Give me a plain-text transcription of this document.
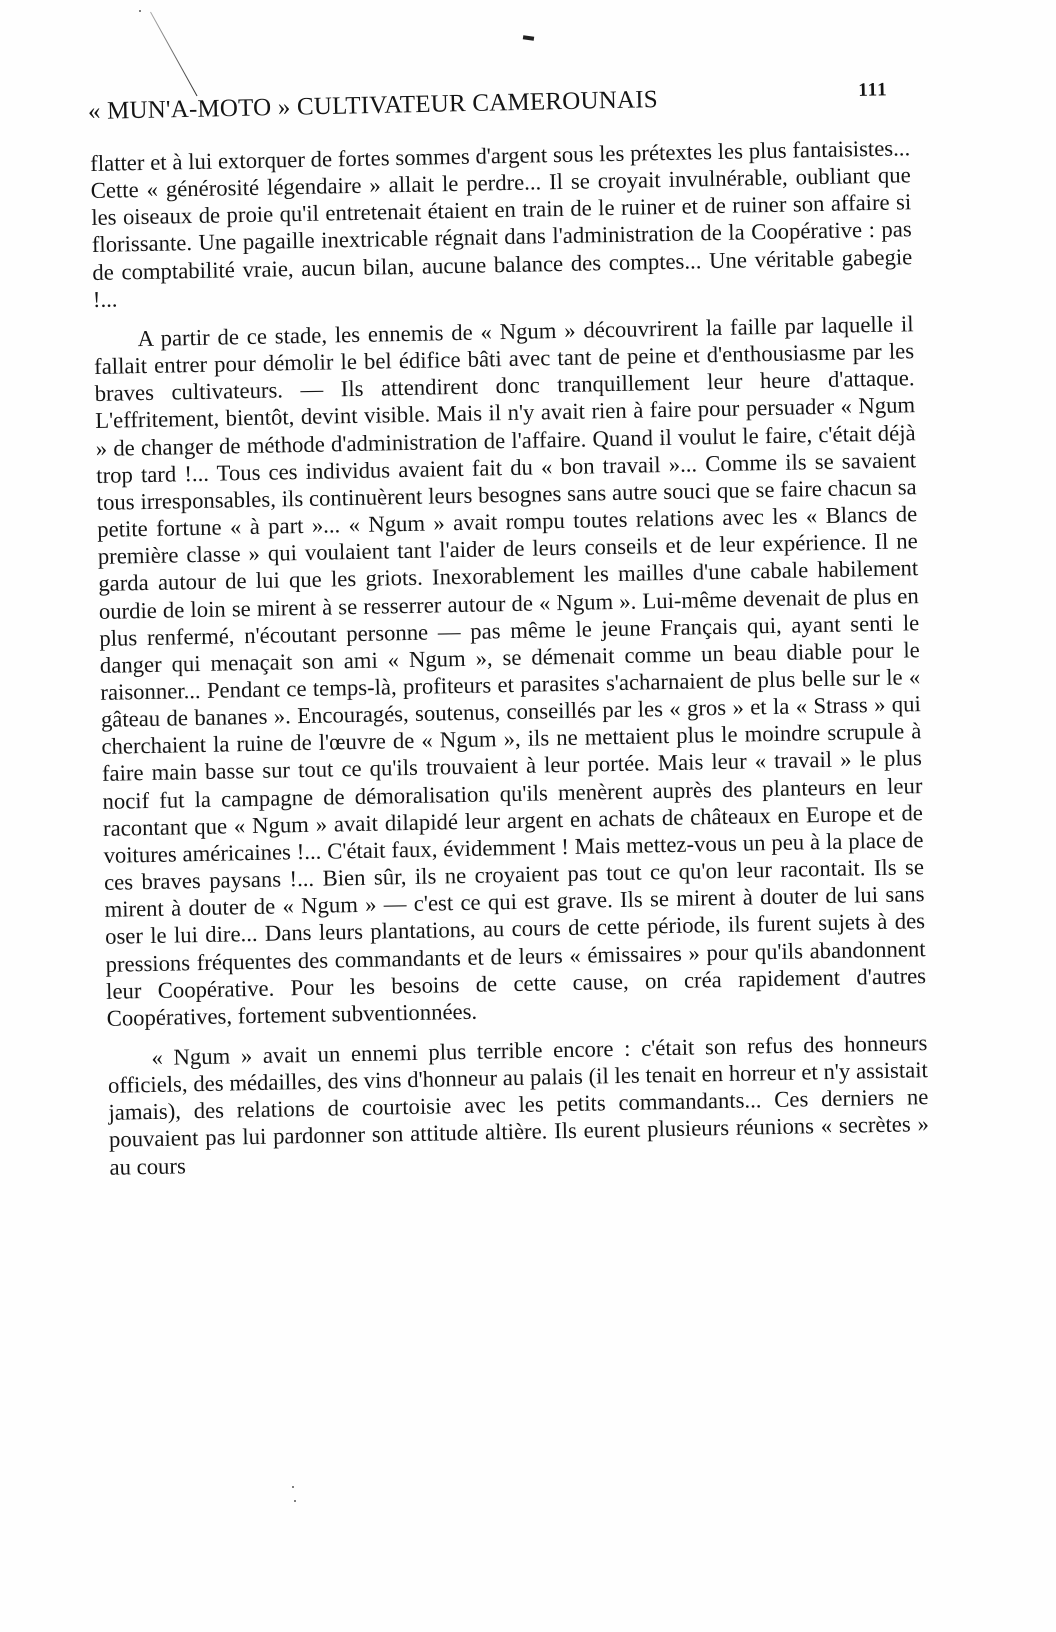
« MUN'A-MOTO » CULTIVATEUR CAMEROUNAIS	111

flatter et à lui extorquer de fortes sommes d'argent sous les prétextes les plus fantaisistes... Cette « générosité légendaire » allait le perdre... Il se croyait invulnérable, oubliant que les oiseaux de proie qu'il entretenait étaient en train de le ruiner et de ruiner son affaire si florissante. Une pagaille inextricable régnait dans l'administration de la Coopérative : pas de comptabilité vraie, aucun bilan, aucune balance des comptes... Une véritable gabegie !...

A partir de ce stade, les ennemis de « Ngum » découvrirent la faille par laquelle il fallait entrer pour démolir le bel édifice bâti avec tant de peine et d'enthousiasme par les braves cultivateurs. — Ils attendirent donc tranquillement leur heure d'attaque. L'effritement, bientôt, devint visible. Mais il n'y avait rien à faire pour persuader « Ngum » de changer de méthode d'administration de l'affaire. Quand il voulut le faire, c'était déjà trop tard !... Tous ces individus avaient fait du « bon travail »... Comme ils se savaient tous irresponsables, ils continuèrent leurs besognes sans autre souci que se faire chacun sa petite fortune « à part »... « Ngum » avait rompu toutes relations avec les « Blancs de première classe » qui voulaient tant l'aider de leurs conseils et de leur expérience. Il ne garda autour de lui que les griots. Inexorablement les mailles d'une cabale habilement ourdie de loin se mirent à se resserrer autour de « Ngum ». Lui-même devenait de plus en plus renfermé, n'écoutant personne — pas même le jeune Français qui, ayant senti le danger qui menaçait son ami « Ngum », se démenait comme un beau diable pour le raisonner... Pendant ce temps-là, profiteurs et parasites s'acharnaient de plus belle sur le « gâteau de bananes ». Encouragés, soutenus, conseillés par les « gros » et la « Strass » qui cherchaient la ruine de l'œuvre de « Ngum », ils ne mettaient plus le moindre scrupule à faire main basse sur tout ce qu'ils trouvaient à leur portée. Mais leur « travail » le plus nocif fut la campagne de démoralisation qu'ils menèrent auprès des planteurs en leur racontant que « Ngum » avait dilapidé leur argent en achats de châteaux en Europe et de voitures américaines !... C'était faux, évidemment ! Mais mettez-vous un peu à la place de ces braves paysans !... Bien sûr, ils ne croyaient pas tout ce qu'on leur racontait. Ils se mirent à douter de « Ngum » — c'est ce qui est grave. Ils se mirent à douter de lui sans oser le lui dire... Dans leurs plantations, au cours de cette période, ils furent sujets à des pressions fréquentes des commandants et de leurs « émissaires » pour qu'ils abandonnent leur Coopérative. Pour les besoins de cette cause, on créa rapidement d'autres Coopératives, fortement subventionnées.

« Ngum » avait un ennemi plus terrible encore : c'était son refus des honneurs officiels, des médailles, des vins d'honneur au palais (il les tenait en horreur et n'y assistait jamais), des relations de courtoisie avec les petits commandants... Ces derniers ne pouvaient pas lui pardonner son attitude altière. Ils eurent plusieurs réunions « secrètes » au cours
